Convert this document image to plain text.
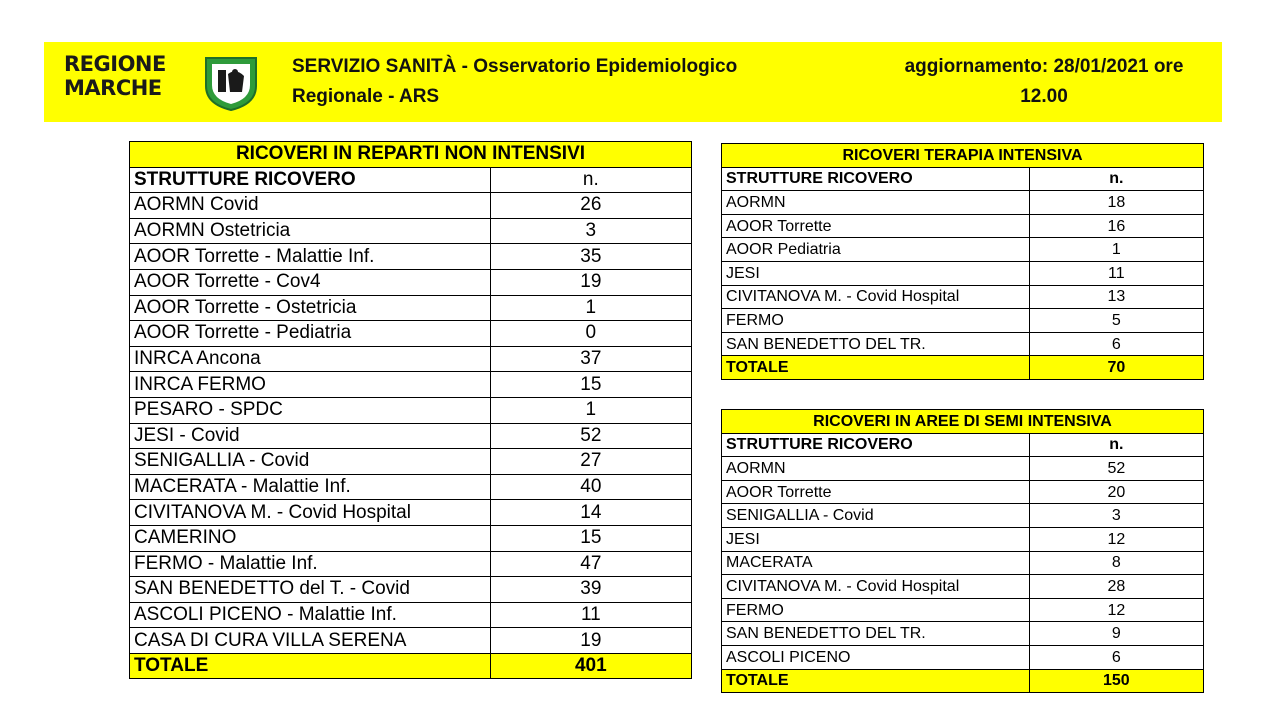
REGIONE
MARCHE
SERVIZIO SANITÀ - Osservatorio Epidemiologico
Regionale - ARS
aggiornamento: 28/01/2021 ore
12.00
RICOVERI IN REPARTI NON INTENSIVI	
STRUTTURE RICOVERO	n.
AORMN Covid	26
AORMN Ostetricia	3
AOOR Torrette - Malattie Inf.	35
AOOR Torrette - Cov4	19
AOOR Torrette - Ostetricia	1
AOOR Torrette - Pediatria	0
INRCA Ancona	37
INRCA FERMO	15
PESARO - SPDC	1
JESI - Covid	52
SENIGALLIA - Covid	27
MACERATA - Malattie Inf.	40
CIVITANOVA M. - Covid Hospital	14
CAMERINO	15
FERMO - Malattie Inf.	47
SAN BENEDETTO del T. - Covid	39
ASCOLI PICENO - Malattie Inf.	11
CASA DI CURA VILLA SERENA	19
TOTALE	401
RICOVERI TERAPIA INTENSIVA	
STRUTTURE RICOVERO	n.
AORMN	18
AOOR Torrette	16
AOOR Pediatria	1
JESI	11
CIVITANOVA M. - Covid Hospital	13
FERMO	5
SAN BENEDETTO DEL TR.	6
TOTALE	70
RICOVERI IN AREE DI SEMI INTENSIVA	
STRUTTURE RICOVERO	n.
AORMN	52
AOOR Torrette	20
SENIGALLIA - Covid	3
JESI	12
MACERATA	8
CIVITANOVA M. - Covid Hospital	28
FERMO	12
SAN BENEDETTO DEL TR.	9
ASCOLI PICENO	6
TOTALE	150
